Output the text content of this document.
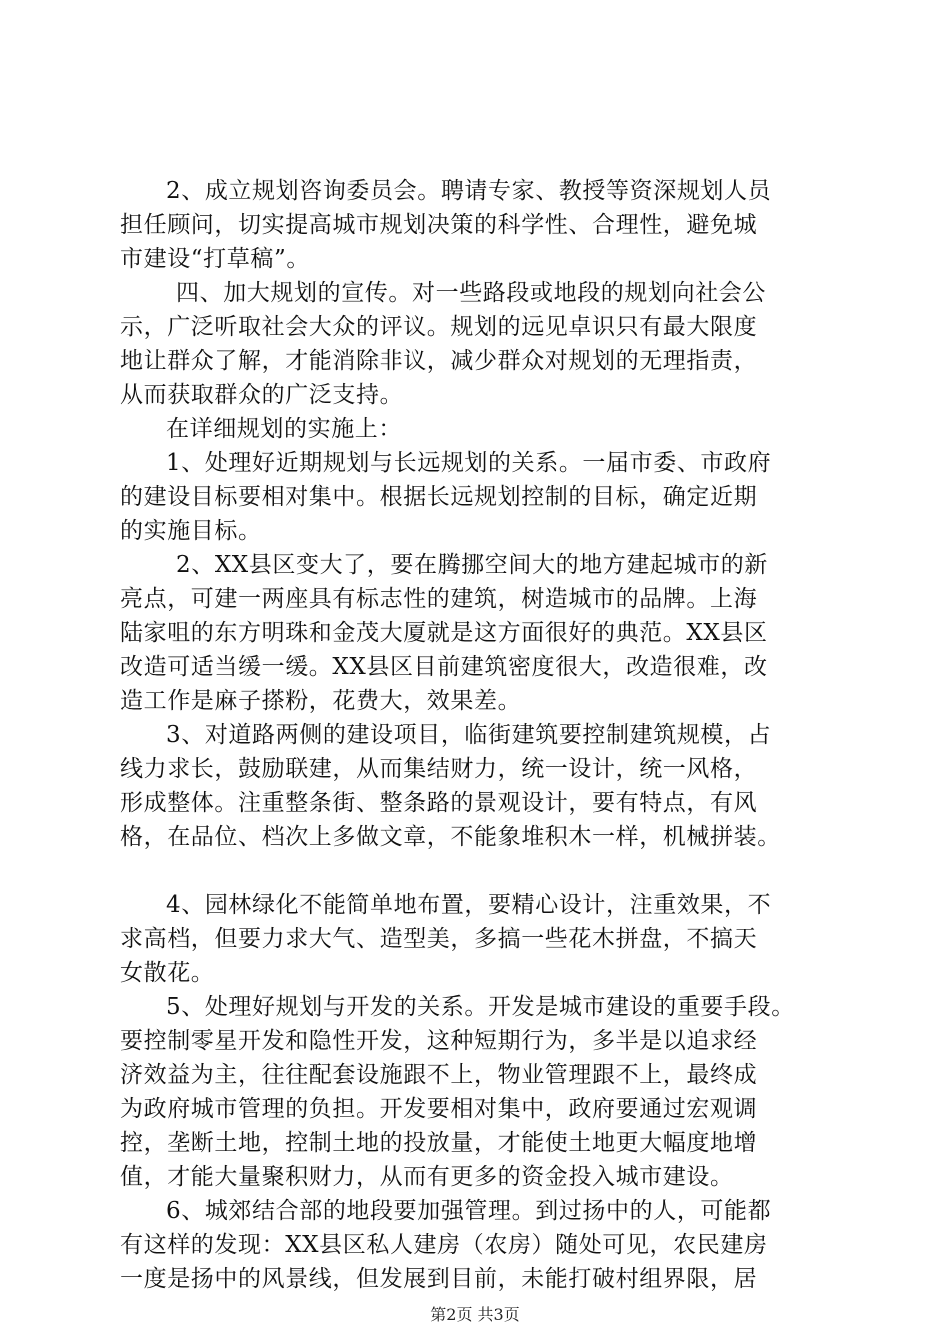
2、成立规划咨询委员会。聘请专家、教授等资深规划人员
担任顾问，切实提高城市规划决策的科学性、合理性，避免城
市建设“打草稿”。
四、加大规划的宣传。对一些路段或地段的规划向社会公
示，广泛听取社会大众的评议。规划的远见卓识只有最大限度
地让群众了解，才能消除非议，减少群众对规划的无理指责，
从而获取群众的广泛支持。
在详细规划的实施上：
1、处理好近期规划与长远规划的关系。一届市委、市政府
的建设目标要相对集中。根据长远规划控制的目标，确定近期
的实施目标。
2、XX县区变大了，要在腾挪空间大的地方建起城市的新
亮点，可建一两座具有标志性的建筑，树造城市的品牌。上海
陆家咀的东方明珠和金茂大厦就是这方面很好的典范。XX县区
改造可适当缓一缓。XX县区目前建筑密度很大，改造很难，改
造工作是麻子搽粉，花费大，效果差。
3、对道路两侧的建设项目，临街建筑要控制建筑规模，占
线力求长，鼓励联建，从而集结财力，统一设计，统一风格，
形成整体。注重整条街、整条路的景观设计，要有特点，有风
格，在品位、档次上多做文章，不能象堆积木一样，机械拼装。
4、园林绿化不能简单地布置，要精心设计，注重效果，不
求高档，但要力求大气、造型美，多搞一些花木拼盘，不搞天
女散花。
5、处理好规划与开发的关系。开发是城市建设的重要手段。
要控制零星开发和隐性开发，这种短期行为，多半是以追求经
济效益为主，往往配套设施跟不上，物业管理跟不上，最终成
为政府城市管理的负担。开发要相对集中，政府要通过宏观调
控，垄断土地，控制土地的投放量，才能使土地更大幅度地增
值，才能大量聚积财力，从而有更多的资金投入城市建设。
6、城郊结合部的地段要加强管理。到过扬中的人，可能都
有这样的发现：XX县区私人建房（农房）随处可见，农民建房
一度是扬中的风景线，但发展到目前，未能打破村组界限，居
第2页 共3页
